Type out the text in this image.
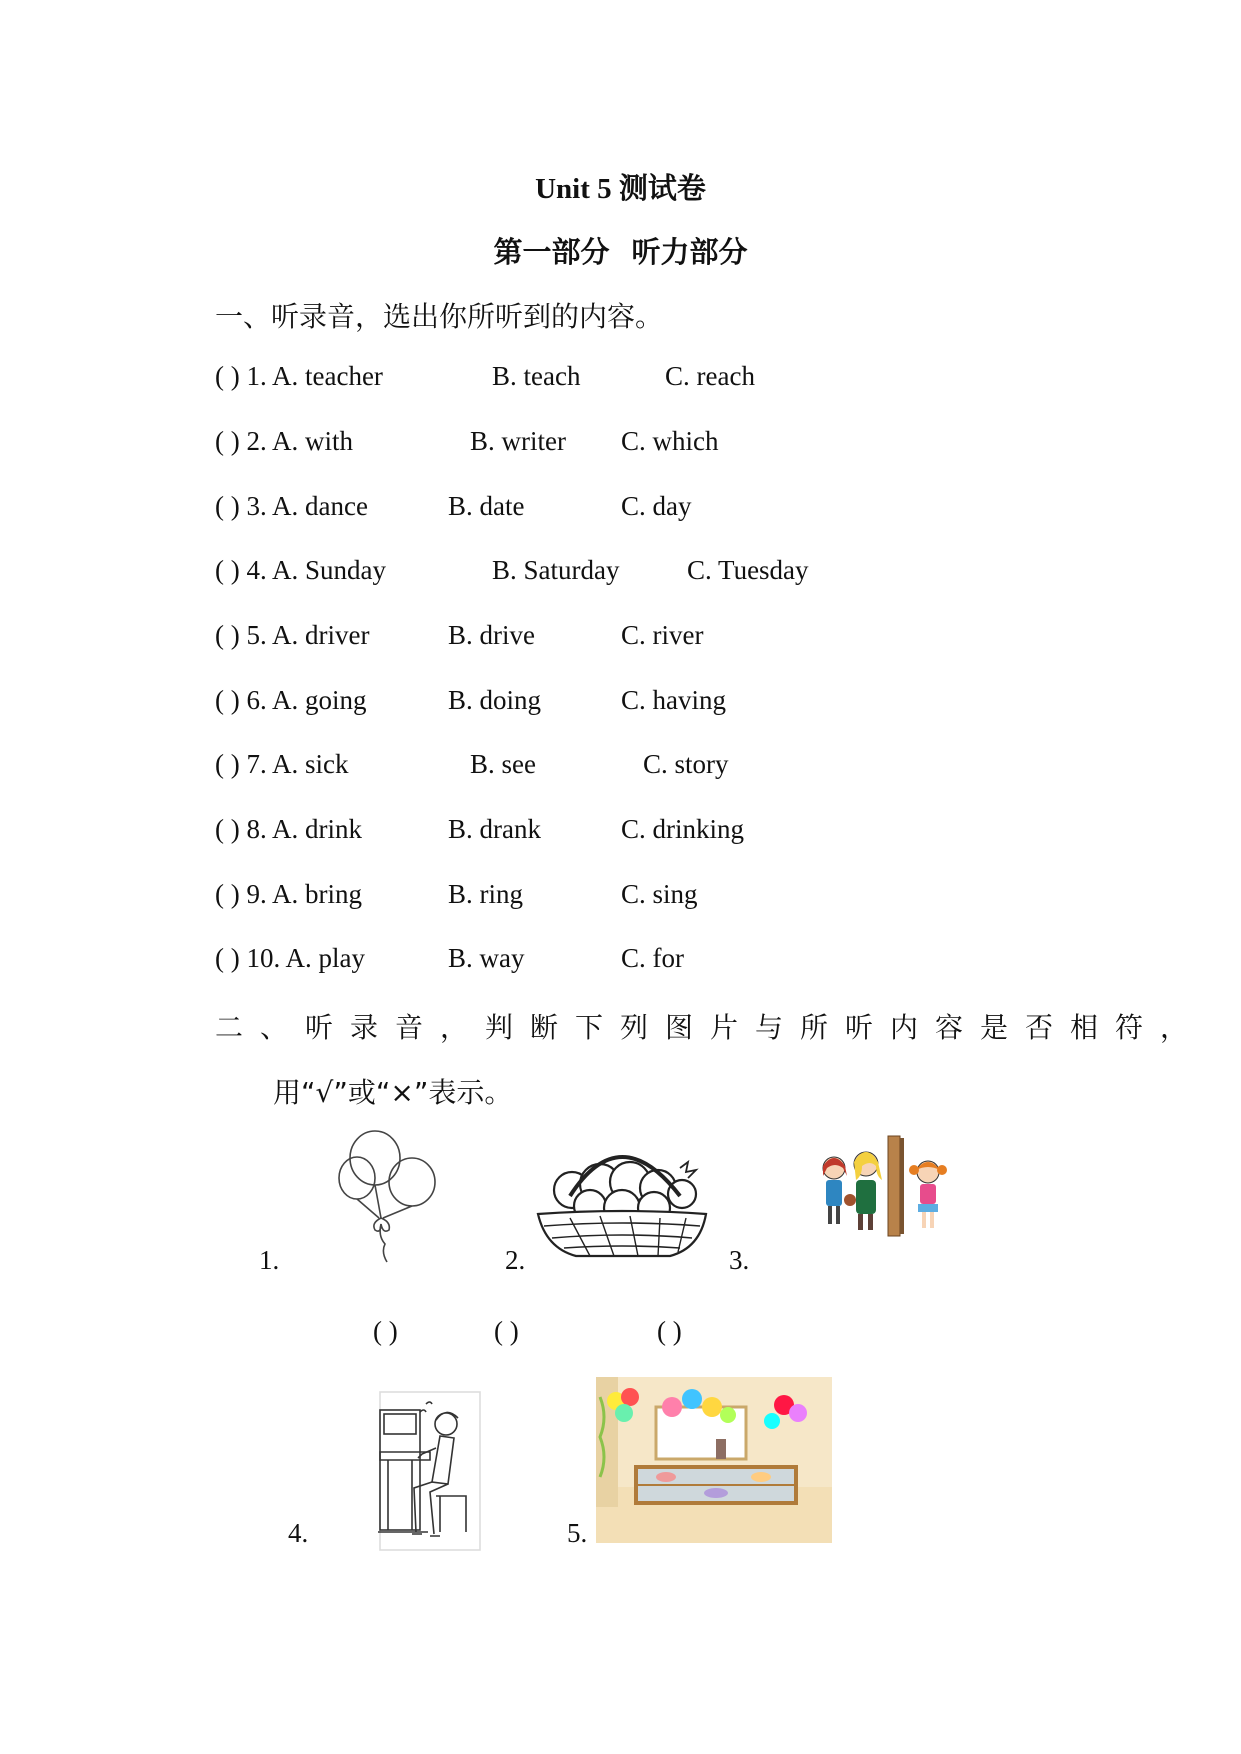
Unit 5 测试卷
第一部分 听力部分
一、听录音，选出你所听到的内容。
( ) 1. A. teacher	B. teach	C. reach
( ) 2. A. with	B. writer C. which
( ) 3. A. dance	B. date	C. day
( ) 4. A. Sunday	B. Saturday	C. Tuesday
( ) 5. A. driver	B. drive	C. river
( ) 6. A. going	B. doing	C. having
( ) 7. A. sick	B. see	C. story
( ) 8. A. drink	B. drank	C. drinking
( ) 9. A. bring	B. ring	C. sing
( ) 10. A. play	B. way	C. for
二、听录音，判断下列图片与所听内容是否相符，
用“√”或“×”表示。
1.	2.	3.
4.	5.
( )	( )	( )
